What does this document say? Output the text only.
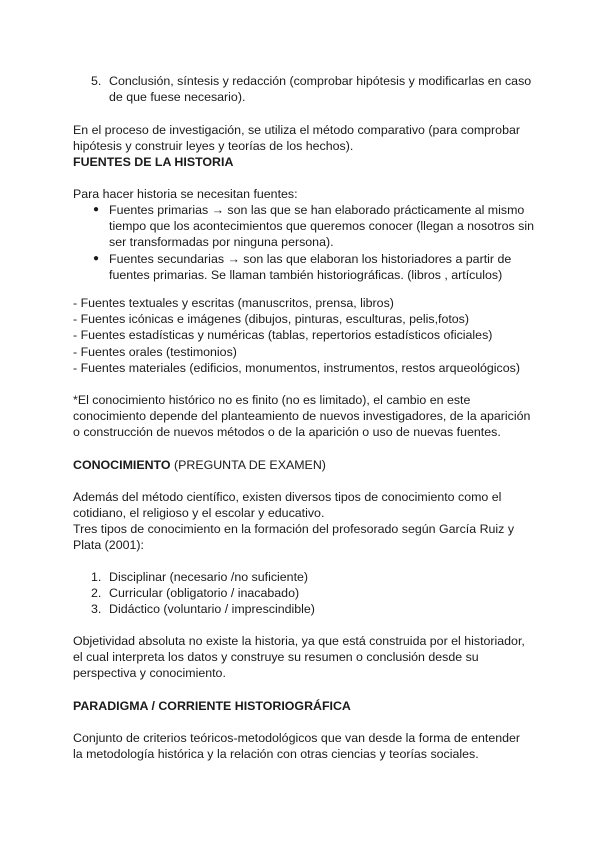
5. Conclusión, síntesis y redacción (comprobar hipótesis y modificarlas en caso de que fuese necesario).

En el proceso de investigación, se utiliza el método comparativo (para comprobar hipótesis y construir leyes y teorías de los hechos).

FUENTES DE LA HISTORIA

Para hacer historia se necesitan fuentes:

● Fuentes primarias → son las que se han elaborado prácticamente al mismo tiempo que los acontecimientos que queremos conocer (llegan a nosotros sin ser transformadas por ninguna persona).
● Fuentes secundarias → son las que elaboran los historiadores a partir de fuentes primarias. Se llaman también historiográficas. (libros , artículos)
- Fuentes textuales y escritas (manuscritos, prensa, libros)
- Fuentes icónicas e imágenes (dibujos, pinturas, esculturas, pelis,fotos)
- Fuentes estadísticas y numéricas (tablas, repertorios estadísticos oficiales)
- Fuentes orales (testimonios)
- Fuentes materiales (edificios, monumentos, instrumentos, restos arqueológicos)

*El conocimiento histórico no es finito (no es limitado), el cambio en este conocimiento depende del planteamiento de nuevos investigadores, de la aparición o construcción de nuevos métodos o de la aparición o uso de nuevas fuentes.

CONOCIMIENTO (PREGUNTA DE EXAMEN)

Además del método científico, existen diversos tipos de conocimiento como el cotidiano, el religioso y el escolar y educativo.

Tres tipos de conocimiento en la formación del profesorado según García Ruiz y Plata (2001):

1. Disciplinar (necesario /no suficiente)
2. Curricular (obligatorio / inacabado)
3. Didáctico (voluntario / imprescindible)

Objetividad absoluta no existe la historia, ya que está construida por el historiador, el cual interpreta los datos y construye su resumen o conclusión desde su perspectiva y conocimiento.

PARADIGMA / CORRIENTE HISTORIOGRÁFICA

Conjunto de criterios teóricos-metodológicos que van desde la forma de entender la metodología histórica y la relación con otras ciencias y teorías sociales.
